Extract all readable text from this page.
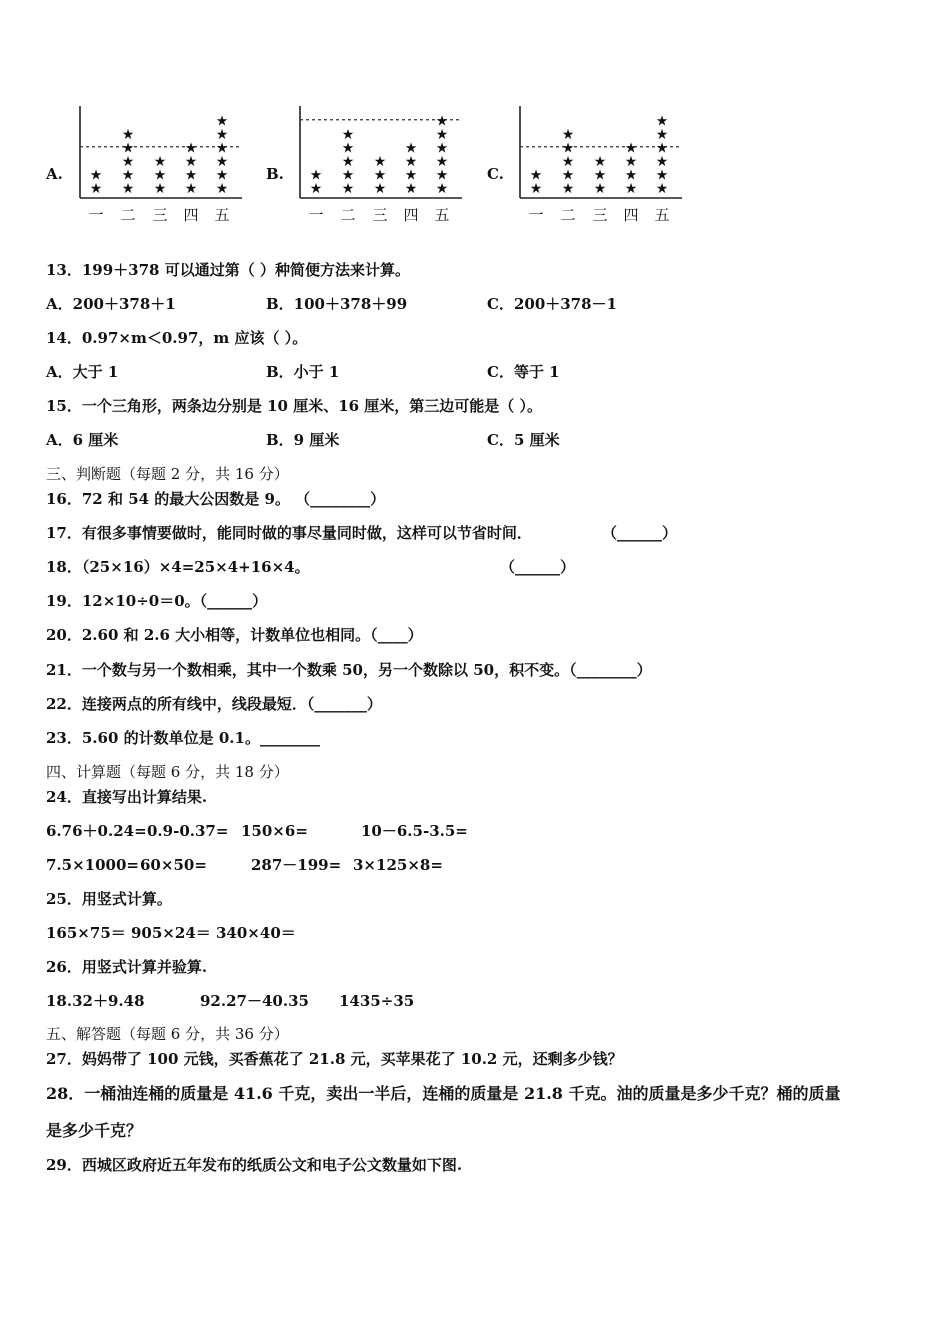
A.	B.	C.
★
★
一
★
★
★
★
★
二
★
★
★
三
★
★
★
★
四
★
★
★
★
★
★
五
★
★
一
★
★
★
★
★
二
★
★
★
三
★
★
★
★
四
★
★
★
★
★
★
五
★
★
一
★
★
★
★
★
二
★
★
★
三
★
★
★
★
四
★
★
★
★
★
★
五
13．199＋378 可以通过第（ ）种简便方法来计算。
A．200＋378＋1	B．100＋378＋99	C．200＋378－1
14．0.97×m＜0.97，m 应该（ ）。
A．大于 1	B．小于 1	C．等于 1
15．一个三角形，两条边分别是 10 厘米、16 厘米，第三边可能是（ ）。
A．6 厘米	B．9 厘米	C．5 厘米
三、判断题（每题 2 分，共 16 分）
16．72 和 54 的最大公因数是 9。 （________）
17．有很多事情要做时，能同时做的事尽量同时做，这样可以节省时间．	（______）
18．（25×16）×4=25×4+16×4。	（______）
19．12×10÷0＝0。（______）
20．2.60 和 2.6 大小相等，计数单位也相同。（____）
21．一个数与另一个数相乘，其中一个数乘 50，另一个数除以 50，积不变。（________）
22．连接两点的所有线中，线段最短．（_______）
23．5.60 的计数单位是 0.1。________
四、计算题（每题 6 分，共 18 分）
24．直接写出计算结果.
6.76＋0.24= 0.9-0.37= 150×6=	10－6.5-3.5=
7.5×1000= 60×50=	287－199= 3×125×8=
25．用竖式计算。
165×75＝ 905×24＝ 340×40＝
26．用竖式计算并验算.
18.32＋9.48	92.27－40.35 1435÷35
五、解答题（每题 6 分，共 36 分）
27．妈妈带了 100 元钱，买香蕉花了 21.8 元，买苹果花了 10.2 元，还剩多少钱？
28．一桶油连桶的质量是 41.6 千克，卖出一半后，连桶的质量是 21.8 千克。油的质量是多少千克？桶的质量
是多少千克？
29．西城区政府近五年发布的纸质公文和电子公文数量如下图.
